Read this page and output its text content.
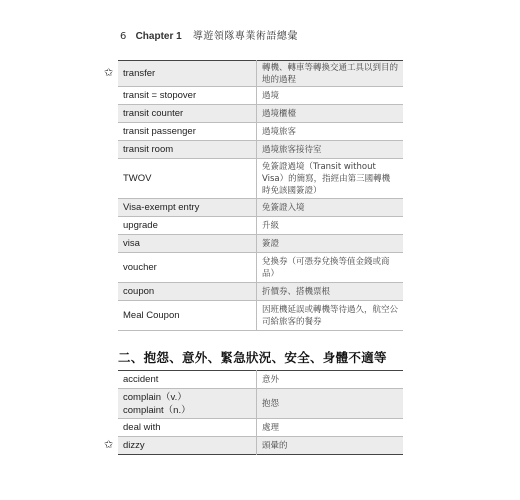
6 Chapter 1 導遊領隊專業術語總彙
transfer	轉機、轉車等轉換交通工具以到目的地的過程
transit = stopover	過境
transit counter	過境櫃檯
transit passenger	過境旅客
transit room	過境旅客接待室
TWOV	免簽證過境（Transit without Visa）的簡寫，指經由第三國轉機時免該國簽證）
Visa-exempt entry	免簽證入境
upgrade	升級
visa	簽證
voucher	兌換券（可憑券兌換等值金錢或商品）
coupon	折價券、搭機票根
Meal Coupon	因班機延誤或轉機等待過久，航空公司給旅客的餐券
二、抱怨、意外、緊急狀況、安全、身體不適等
accident	意外
complain（v.）
complaint（n.）	抱怨
deal with	處理
dizzy	頭暈的
✩
✩
